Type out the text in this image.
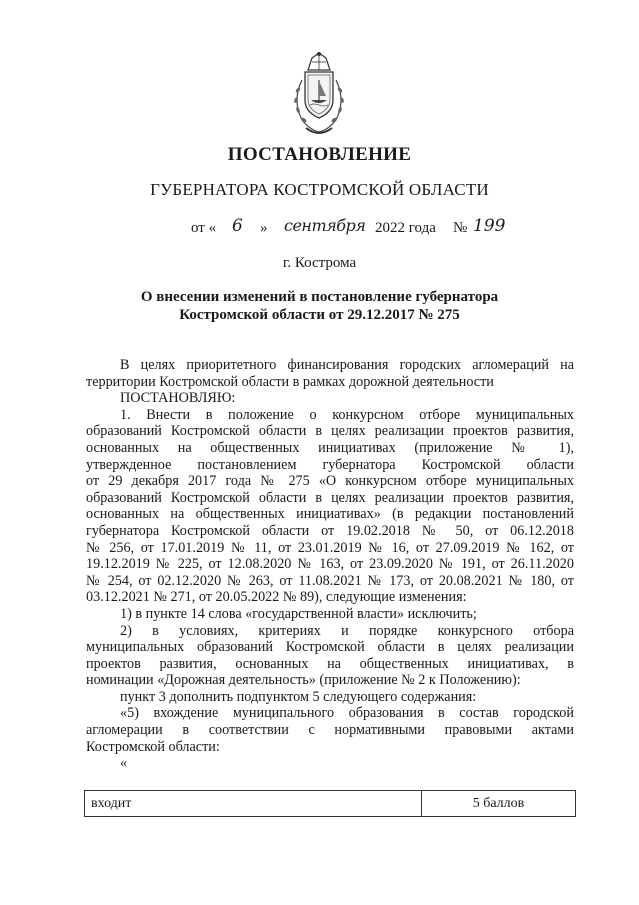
ПОСТАНОВЛЕНИЕ
ГУБЕРНАТОРА КОСТРОМСКОЙ ОБЛАСТИ
от « 6 » сентября 2022 года № 199
г. Кострома
О внесении изменений в постановление губернатора
Костромской области от 29.12.2017 № 275
В целях приоритетного финансирования городских агломераций на
территории Костромской области в рамках дорожной деятельности
ПОСТАНОВЛЯЮ:
1. Внести в положение о конкурсном отборе муниципальных
образований Костромской области в целях реализации проектов развития,
основанных на общественных инициативах (приложение № 1),
утвержденное постановлением губернатора Костромской области
от 29 декабря 2017 года № 275 «О конкурсном отборе муниципальных
образований Костромской области в целях реализации проектов развития,
основанных на общественных инициативах» (в редакции постановлений
губернатора Костромской области от 19.02.2018 № 50, от 06.12.2018
№ 256, от 17.01.2019 № 11, от 23.01.2019 № 16, от 27.09.2019 № 162, от
19.12.2019 № 225, от 12.08.2020 № 163, от 23.09.2020 № 191, от 26.11.2020
№ 254, от 02.12.2020 № 263, от 11.08.2021 № 173, от 20.08.2021 № 180, от
03.12.2021 № 271, от 20.05.2022 № 89), следующие изменения:
1) в пункте 14 слова «государственной власти» исключить;
2) в условиях, критериях и порядке конкурсного отбора
муниципальных образований Костромской области в целях реализации
проектов развития, основанных на общественных инициативах, в
номинации «Дорожная деятельность» (приложение № 2 к Положению):
пункт 3 дополнить подпунктом 5 следующего содержания:
«5) вхождение муниципального образования в состав городской
агломерации в соответствии с нормативными правовыми актами
Костромской области:
«
входит	5 баллов
